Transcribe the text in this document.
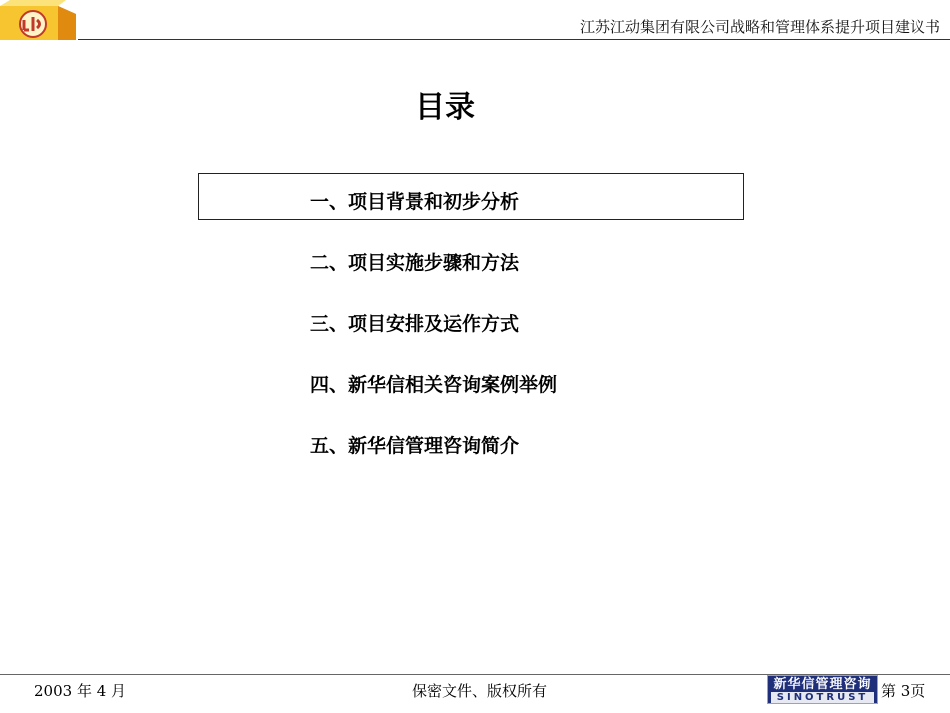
江苏江动集团有限公司战略和管理体系提升项目建议书
目录
一、项目背景和初步分析
二、项目实施步骤和方法
三、项目安排及运作方式
四、新华信相关咨询案例举例
五、新华信管理咨询简介
2003 年 4 月	保密文件、版权所有	新华信管理咨询
SINOTRUST 第 3页
